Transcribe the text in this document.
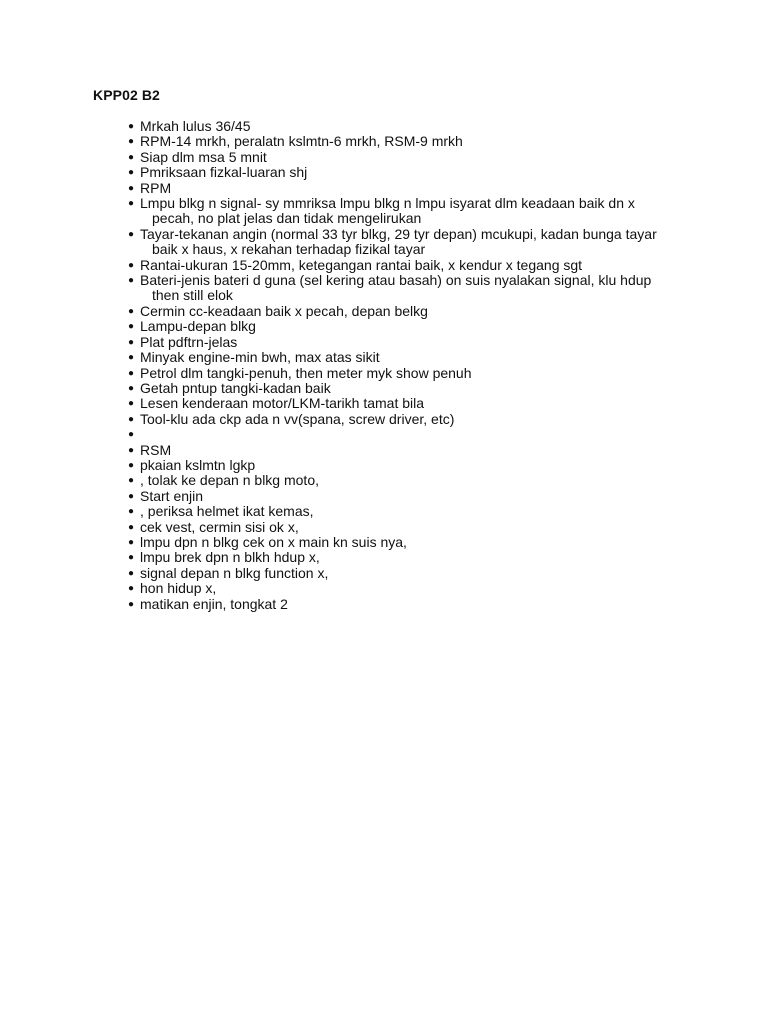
KPP02 B2
● Mrkah lulus 36/45
● RPM-14 mrkh, peralatn kslmtn-6 mrkh, RSM-9 mrkh
● Siap dlm msa 5 mnit
● Pmriksaan fizkal-luaran shj
● RPM
● Lmpu blkg n signal- sy mmriksa lmpu blkg n lmpu isyarat dlm keadaan baik dn x
pecah, no plat jelas dan tidak mengelirukan
● Tayar-tekanan angin (normal 33 tyr blkg, 29 tyr depan) mcukupi, kadan bunga tayar
baik x haus, x rekahan terhadap fizikal tayar
● Rantai-ukuran 15-20mm, ketegangan rantai baik, x kendur x tegang sgt
● Bateri-jenis bateri d guna (sel kering atau basah) on suis nyalakan signal, klu hdup
then still elok
● Cermin cc-keadaan baik x pecah, depan belkg
● Lampu-depan blkg
● Plat pdftrn-jelas
● Minyak engine-min bwh, max atas sikit
● Petrol dlm tangki-penuh, then meter myk show penuh
● Getah pntup tangki-kadan baik
● Lesen kenderaan motor/LKM-tarikh tamat bila
● Tool-klu ada ckp ada n vv(spana, screw driver, etc)
●
● RSM
● pkaian kslmtn lgkp
● , tolak ke depan n blkg moto,
● Start enjin
● , periksa helmet ikat kemas,
● cek vest, cermin sisi ok x,
● lmpu dpn n blkg cek on x main kn suis nya,
● lmpu brek dpn n blkh hdup x,
● signal depan n blkg function x,
● hon hidup x,
● matikan enjin, tongkat 2
